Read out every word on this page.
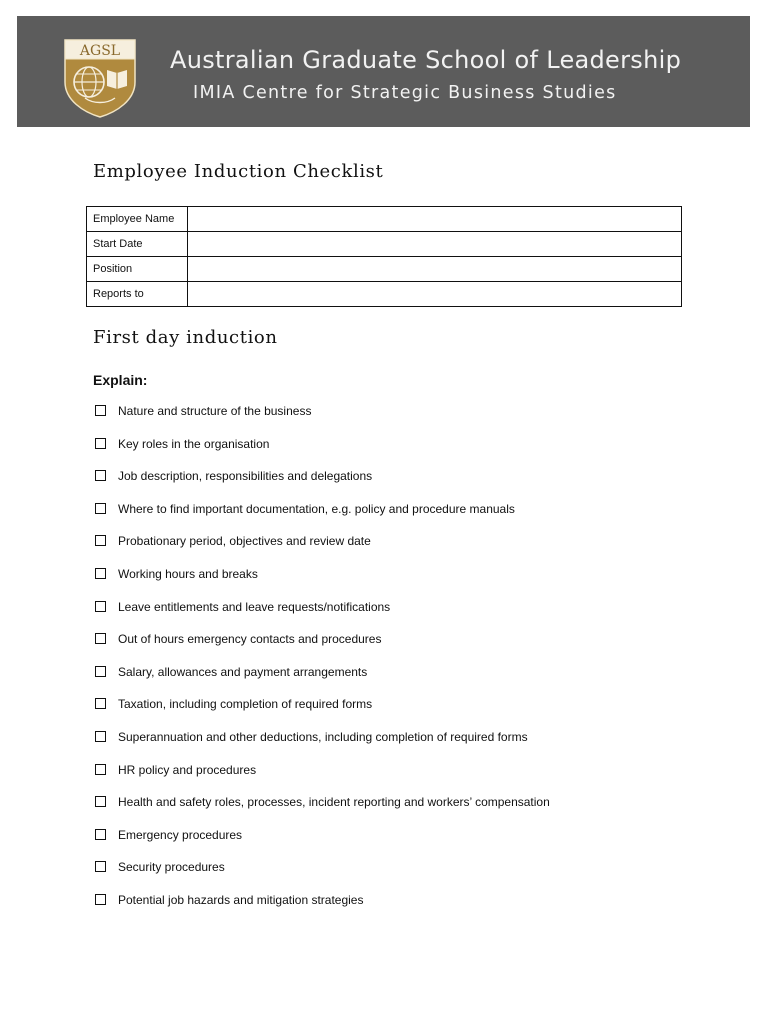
AGSL Australian Graduate School of Leadership
IMIA Centre for Strategic Business Studies
Employee Induction Checklist
Employee Name	
Start Date	
Position	
Reports to	
First day induction
Explain:
Nature and structure of the business
Key roles in the organisation
Job description, responsibilities and delegations
Where to find important documentation, e.g. policy and procedure manuals
Probationary period, objectives and review date
Working hours and breaks
Leave entitlements and leave requests/notifications
Out of hours emergency contacts and procedures
Salary, allowances and payment arrangements
Taxation, including completion of required forms
Superannuation and other deductions, including completion of required forms
HR policy and procedures
Health and safety roles, processes, incident reporting and workers’ compensation
Emergency procedures
Security procedures
Potential job hazards and mitigation strategies
